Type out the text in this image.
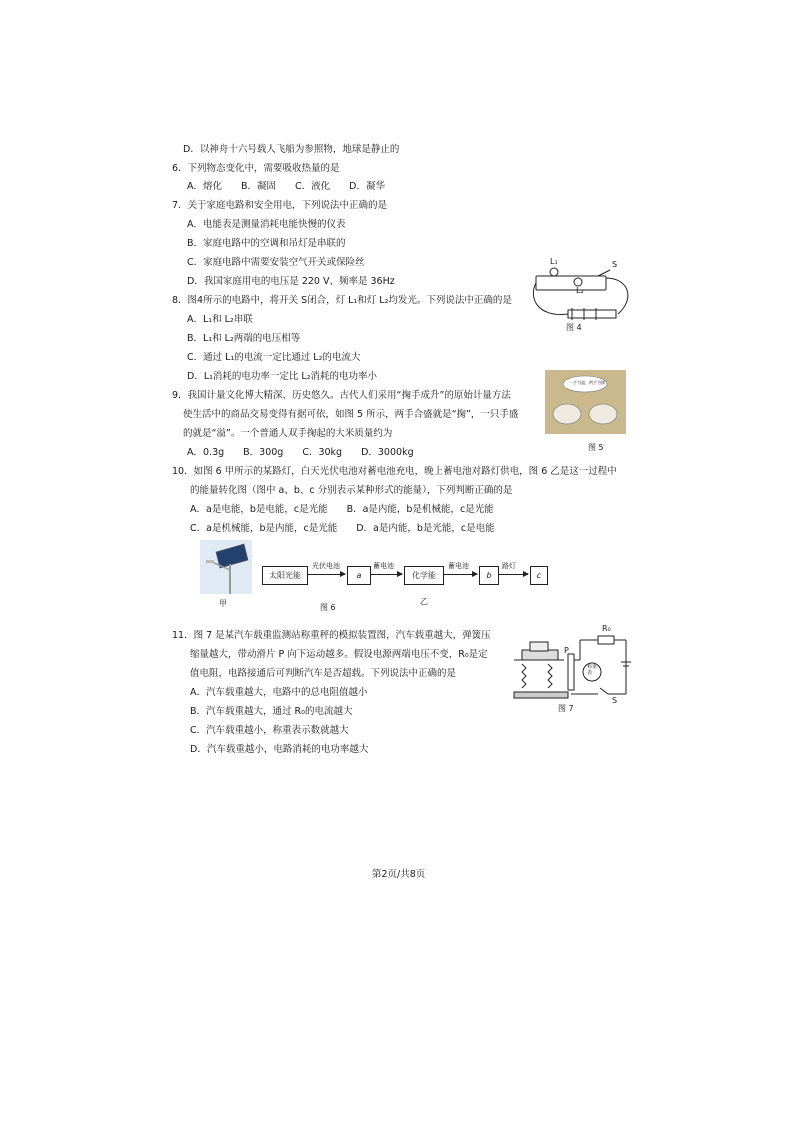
D．以神舟十六号载人飞船为参照物，地球是静止的
6．下列物态变化中，需要吸收热量的是
A．熔化　　B．凝固　　C．液化　　D．凝华
7．关于家庭电路和安全用电，下列说法中正确的是
A．电能表是测量消耗电能快慢的仪表
B．家庭电路中的空调和吊灯是串联的
C．家庭电路中需要安装空气开关或保险丝
D．我国家庭用电的电压是 220 V、频率是 36Hz
8．图4所示的电路中，将开关 S闭合，灯 L₁和灯 L₂均发光。下列说法中正确的是
A．L₁和 L₂串联
B．L₁和 L₂两端的电压相等
C．通过 L₁的电流一定比通过 L₂的电流大
D．L₁消耗的电功率一定比 L₂消耗的电功率小
L₁
L₂
S
图 4
9．我国计量文化博大精深、历史悠久。古代人们采用“掬手成升”的原始计量方法
使生活中的商品交易变得有据可依，如图 5 所示，两手合盛就是“掬”，一只手盛
的就是“溢”。一个普通人双手掬起的大米质量约为
A．0.3g　　B．300g　　C．30kg　　D．3000kg
一手为溢，两手为掬
图 5
10．如图 6 甲所示的某路灯，白天光伏电池对蓄电池充电，晚上蓄电池对路灯供电，图 6 乙是这一过程中
的能量转化图（图中 a、b、c 分别表示某种形式的能量），下列判断正确的是
A．a是电能，b是电能，c是光能　　B．a是内能，b是机械能，c是光能
C．a是机械能，b是内能，c是光能　　D．a是内能，b是光能，c是电能
甲
太阳光能
光伏电池
a
蓄电池
化学能
蓄电池
b
路灯
c
图 6
乙
11．图 7 是某汽车载重监测站称重秤的模拟装置图，汽车载重越大，弹簧压
缩量越大，带动滑片 P 向下运动越多。假设电源两端电压不变，R₀是定
值电阻，电路接通后可判断汽车是否超载。下列说法中正确的是
A．汽车载重越大，电路中的总电阻值越小
B．汽车载重越大，通过 R₀的电流越大
C．汽车载重越小，称重表示数就越大
D．汽车载重越小，电路消耗的电功率越大
R₀
P
S
称重表
图 7
第2页/共8页
